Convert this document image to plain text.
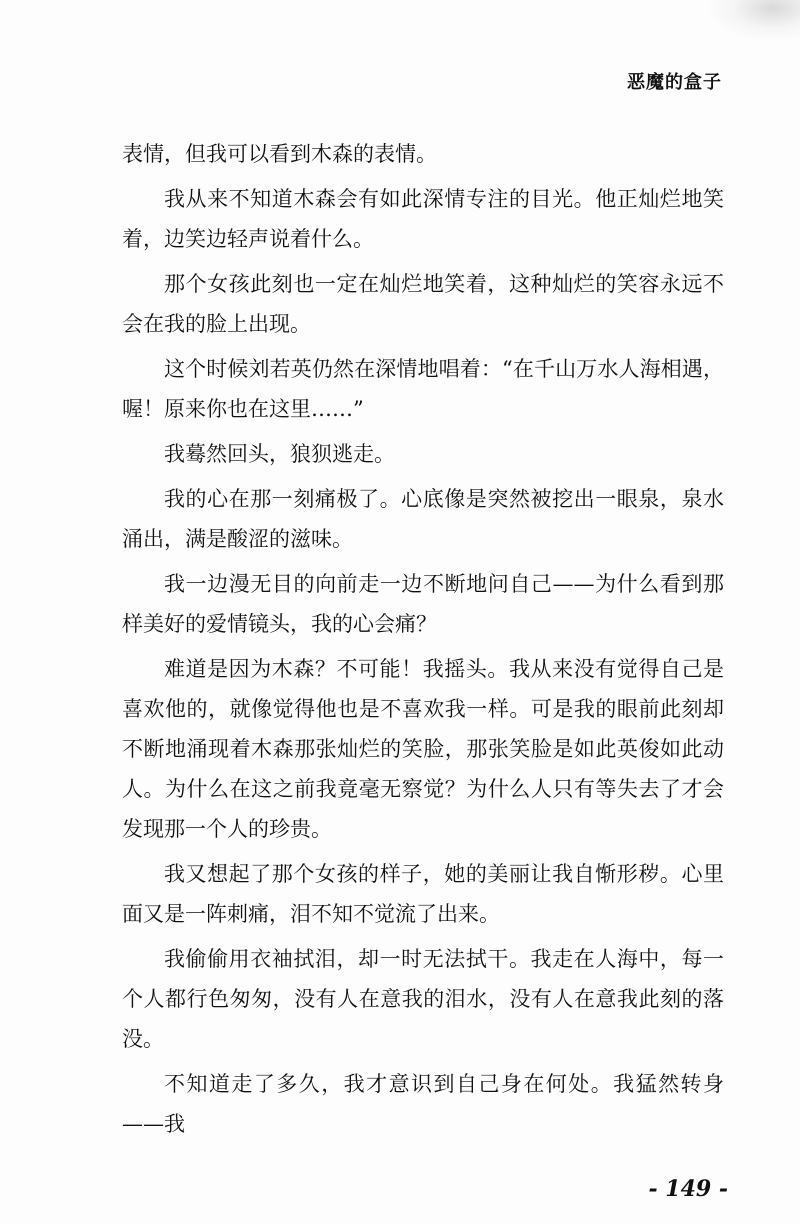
恶魔的盒子

表情，但我可以看到木森的表情。

我从来不知道木森会有如此深情专注的目光。他正灿烂地笑着，边笑边轻声说着什么。

那个女孩此刻也一定在灿烂地笑着，这种灿烂的笑容永远不会在我的脸上出现。

这个时候刘若英仍然在深情地唱着：“在千山万水人海相遇，喔！原来你也在这里……”

我蓦然回头，狼狈逃走。

我的心在那一刻痛极了。心底像是突然被挖出一眼泉，泉水涌出，满是酸涩的滋味。

我一边漫无目的向前走一边不断地问自己——为什么看到那样美好的爱情镜头，我的心会痛？

难道是因为木森？不可能！我摇头。我从来没有觉得自己是喜欢他的，就像觉得他也是不喜欢我一样。可是我的眼前此刻却不断地涌现着木森那张灿烂的笑脸，那张笑脸是如此英俊如此动人。为什么在这之前我竟毫无察觉？为什么人只有等失去了才会发现那一个人的珍贵。

我又想起了那个女孩的样子，她的美丽让我自惭形秽。心里面又是一阵刺痛，泪不知不觉流了出来。

我偷偷用衣袖拭泪，却一时无法拭干。我走在人海中，每一个人都行色匆匆，没有人在意我的泪水，没有人在意我此刻的落没。

不知道走了多久，我才意识到自己身在何处。我猛然转身——我

- 149 -
